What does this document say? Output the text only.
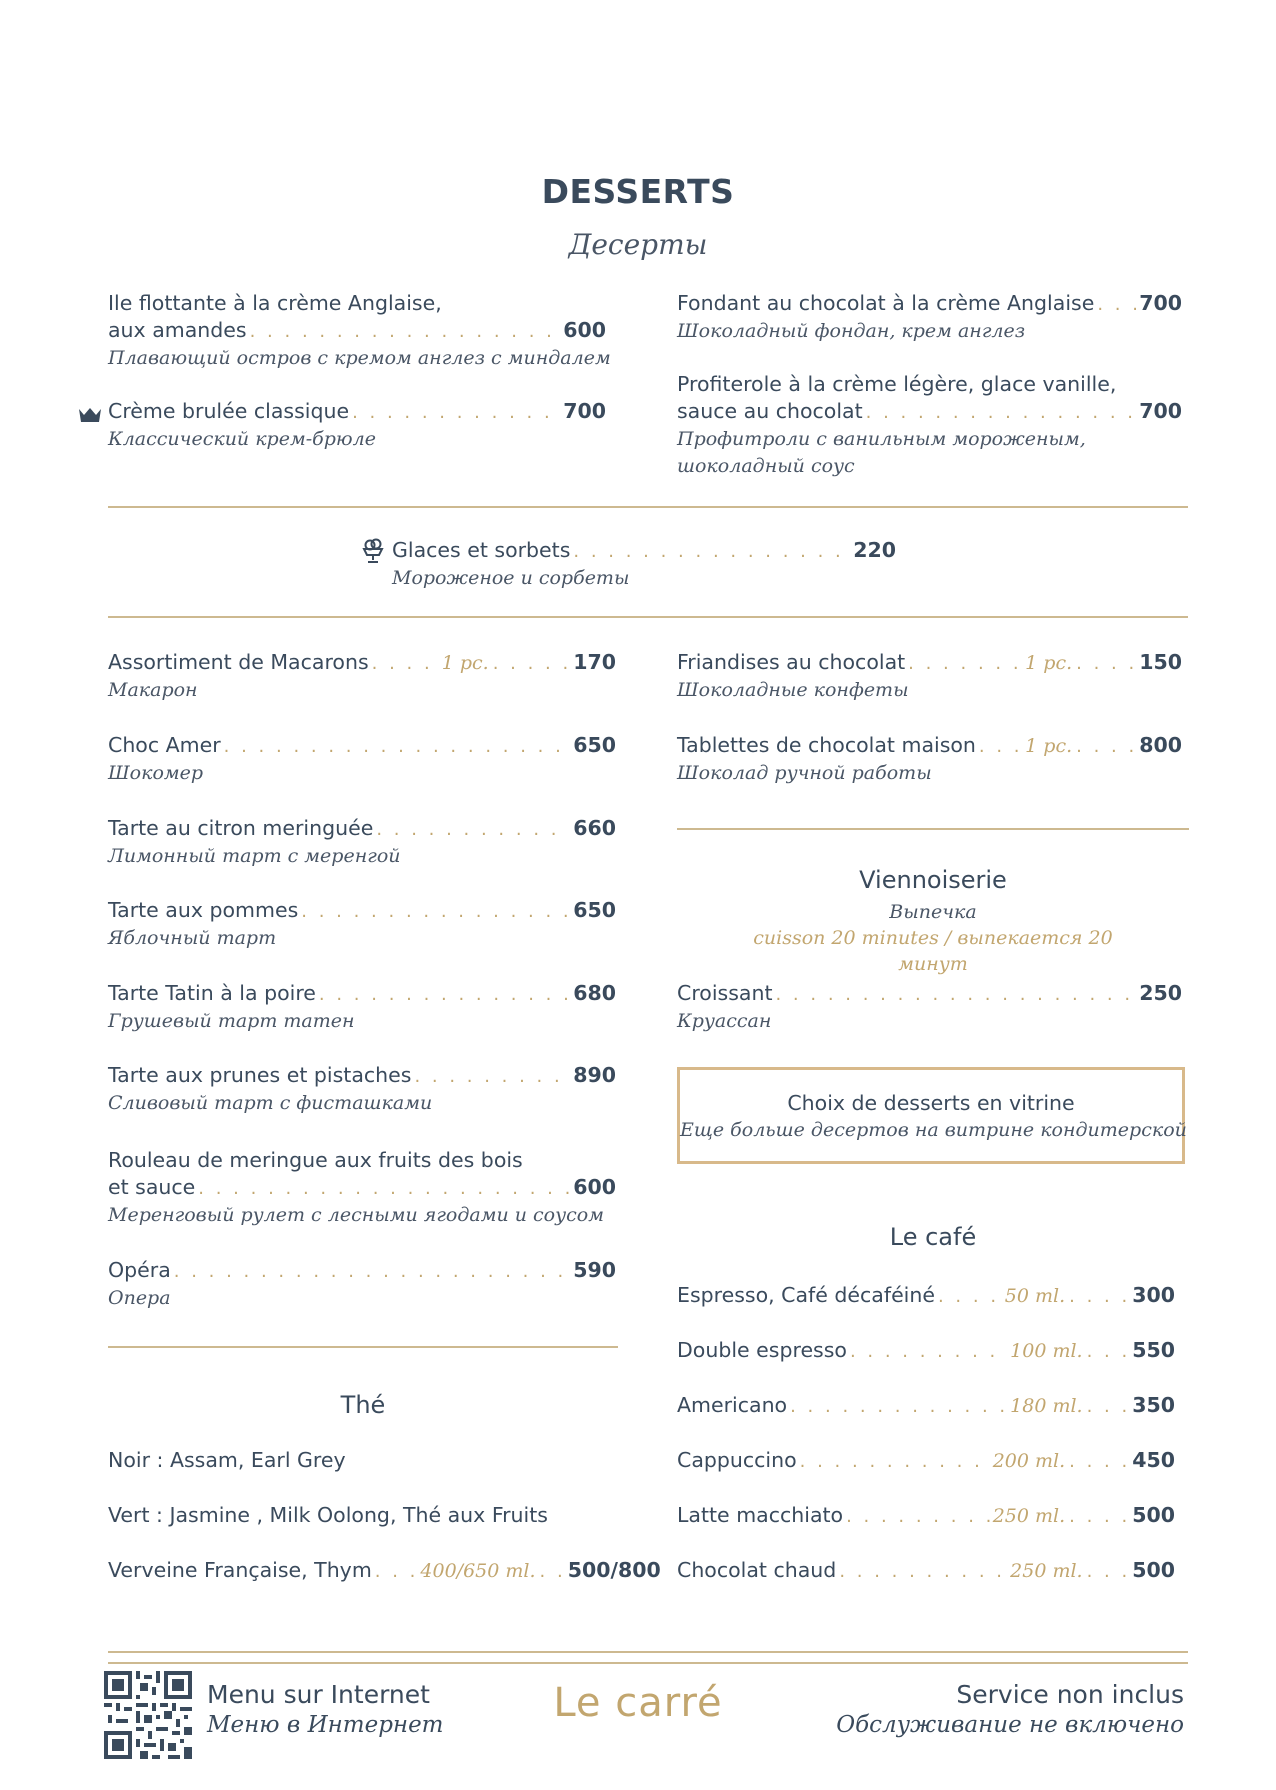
DESSERTS
Десерты
Ile flottante à la crème Anglaise,
aux amandes . . .	600
Плавающий остров с кремом англез с миндалем
Crème brulée classique . . .	700
Классический крем-брюле
Fondant au chocolat à la crème Anglaise . . . 700
Шоколадный фондан, крем англез
Profiterole à la crème légère, glace vanille,
sauce au chocolat . . .	700
Профитроли с ванильным мороженым,
шоколадный соус
Glaces et sorbets . . .	220
Мороженое и сорбеты
Assortiment de Macarons . . .	1 pc. . . . . . 170
Макарон
Choc Amer . . .	650
Шокомер
Tarte au citron meringuée . . .	660
Лимонный тарт с меренгой
Tarte aux pommes . . .	650
Яблочный тарт
Tarte Tatin à la poire . . .	680
Грушевый тарт татен
Tarte aux prunes et pistaches . . .	890
Сливовый тарт с фисташками
Rouleau de meringue aux fruits des bois
et sauce . . .	600
Меренговый рулет с лесными ягодами и соусом
Opéra . . .	590
Опера
Thé
Noir : Assam, Earl Grey
Vert : Jasmine , Milk Oolong, Thé aux Fruits
Verveine Française, Thym . . . 400/650 ml. . . 500/800
Friandises au chocolat . . .	1 pc. . . . . 150
Шоколадные конфеты
Tablettes de chocolat maison . . .	1 pc. . . . . 800
Шоколад ручной работы
Viennoiserie
Выпечка
cuisson 20 minutes / выпекается 20
минут
Croissant . . .	250
Круассан
Choix de desserts en vitrine
Еще больше десертов на витрине кондитерской
Le café
Espresso, Café décaféiné . . .	50 ml. . . . . 300
Double espresso . . .	100 ml. . . . 550
Americano . . .	180 ml. . . . 350
Cappuccino . . .	200 ml. . . . . 450
Latte macchiato . . .	250 ml. . . . . 500
Chocolat chaud . . .	250 ml. . . . 500
Menu sur Internet
Меню в Интернет	Le carré	Service non inclus
Обслуживание не включено
